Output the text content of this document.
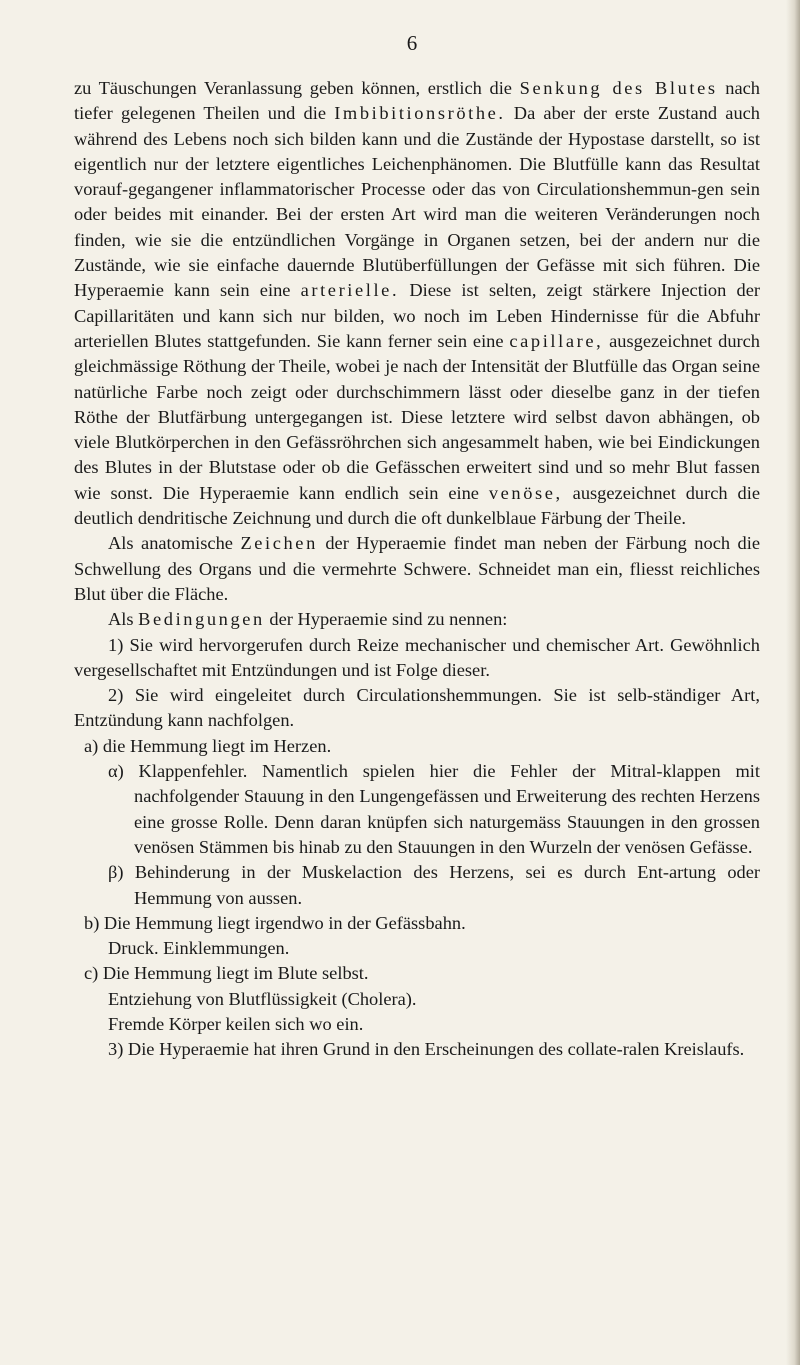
6

zu Täuschungen Veranlassung geben können, erstlich die Senkung des Blutes nach tiefer gelegenen Theilen und die Imbibitionsröthe. Da aber der erste Zustand auch während des Lebens noch sich bilden kann und die Zustände der Hypostase darstellt, so ist eigentlich nur der letztere eigentliches Leichenphänomen. Die Blutfülle kann das Resultat vorauf-gegangener inflammatorischer Processe oder das von Circulationshemmun-gen sein oder beides mit einander. Bei der ersten Art wird man die weiteren Veränderungen noch finden, wie sie die entzündlichen Vorgänge in Organen setzen, bei der andern nur die Zustände, wie sie einfache dauernde Blutüberfüllungen der Gefässe mit sich führen. Die Hyperaemie kann sein eine arterielle. Diese ist selten, zeigt stärkere Injection der Capillaritäten und kann sich nur bilden, wo noch im Leben Hindernisse für die Abfuhr arteriellen Blutes stattgefunden. Sie kann ferner sein eine capillare, ausgezeichnet durch gleichmässige Röthung der Theile, wobei je nach der Intensität der Blutfülle das Organ seine natürliche Farbe noch zeigt oder durchschimmern lässt oder dieselbe ganz in der tiefen Röthe der Blutfärbung untergegangen ist. Diese letztere wird selbst davon abhängen, ob viele Blutkörperchen in den Gefässröhrchen sich angesammelt haben, wie bei Eindickungen des Blutes in der Blutstase oder ob die Gefässchen erweitert sind und so mehr Blut fassen wie sonst. Die Hyperaemie kann endlich sein eine venöse, ausgezeichnet durch die deutlich dendritische Zeichnung und durch die oft dunkelblaue Färbung der Theile.

Als anatomische Zeichen der Hyperaemie findet man neben der Färbung noch die Schwellung des Organs und die vermehrte Schwere. Schneidet man ein, fliesst reichliches Blut über die Fläche.

Als Bedingungen der Hyperaemie sind zu nennen:

1) Sie wird hervorgerufen durch Reize mechanischer und chemischer Art. Gewöhnlich vergesellschaftet mit Entzündungen und ist Folge dieser.

2) Sie wird eingeleitet durch Circulationshemmungen. Sie ist selb-ständiger Art, Entzündung kann nachfolgen.

a) die Hemmung liegt im Herzen.

α) Klappenfehler. Namentlich spielen hier die Fehler der Mitral-klappen mit nachfolgender Stauung in den Lungengefässen und Erweiterung des rechten Herzens eine grosse Rolle. Denn daran knüpfen sich naturgemäss Stauungen in den grossen venösen Stämmen bis hinab zu den Stauungen in den Wurzeln der venösen Gefässe.

β) Behinderung in der Muskelaction des Herzens, sei es durch Ent-artung oder Hemmung von aussen.

b) Die Hemmung liegt irgendwo in der Gefässbahn.

Druck. Einklemmungen.

c) Die Hemmung liegt im Blute selbst.

Entziehung von Blutflüssigkeit (Cholera).

Fremde Körper keilen sich wo ein.

3) Die Hyperaemie hat ihren Grund in den Erscheinungen des collate-ralen Kreislaufs.
